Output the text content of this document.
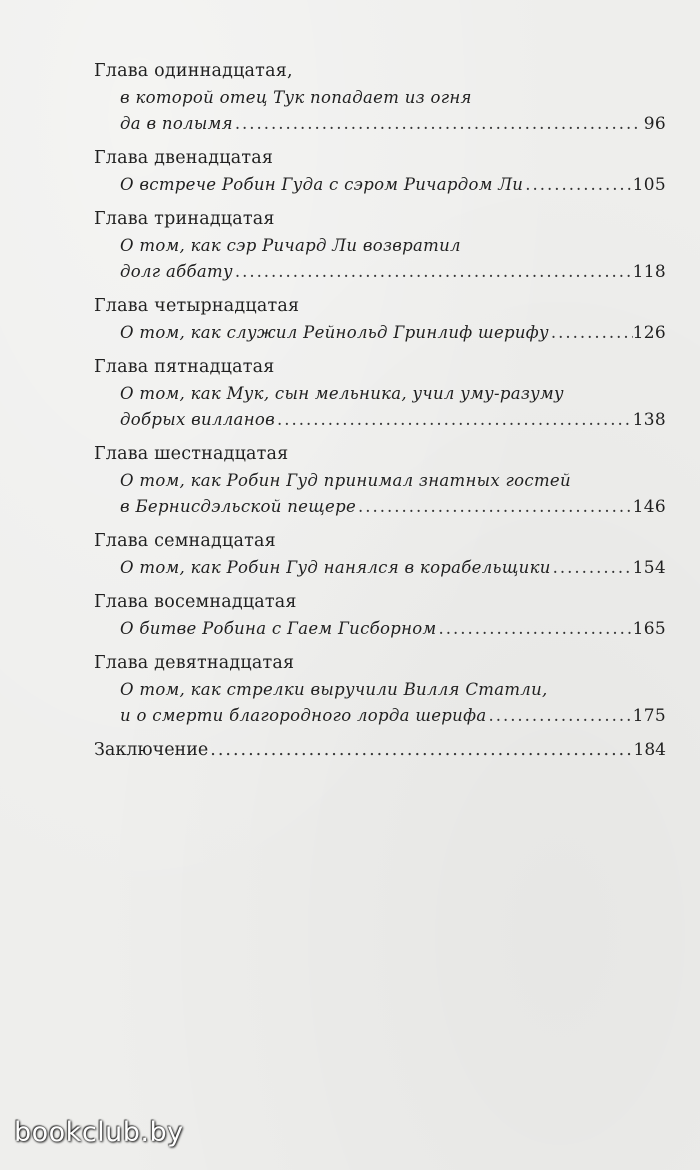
Глава одиннадцатая,
в которой отец Тук попадает из огня
да в полымя .....	96
Глава двенадцатая
О встрече Робин Гуда с сэром Ричардом Ли .....	105
Глава тринадцатая
О том, как сэр Ричард Ли возвратил
долг аббату .....	118
Глава четырнадцатая
О том, как служил Рейнольд Гринлиф шерифу .....	126
Глава пятнадцатая
О том, как Мук, сын мельника, учил уму-разуму
добрых вилланов .....	138
Глава шестнадцатая
О том, как Робин Гуд принимал знатных гостей
в Бернисдэльской пещере .....	146
Глава семнадцатая
О том, как Робин Гуд нанялся в корабельщики .....	154
Глава восемнадцатая
О битве Робина с Гаем Гисборном .....	165
Глава девятнадцатая
О том, как стрелки выручили Вилля Статли,
и о смерти благородного лорда шерифа .....	175
Заключение .....	184
bookclub.by
